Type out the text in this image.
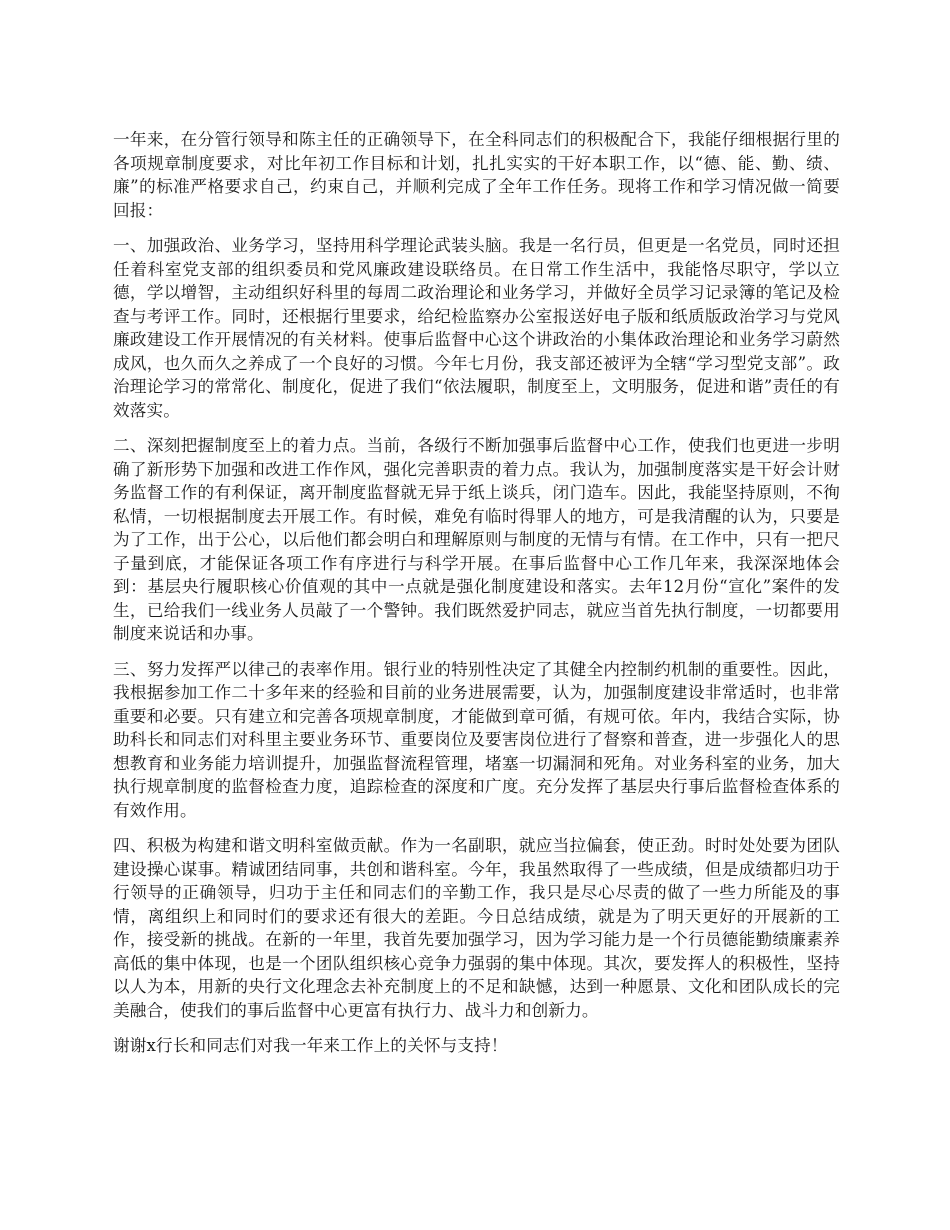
一年来，在分管行领导和陈主任的正确领导下，在全科同志们的积极配合下，我能仔细根据行里的各项规章制度要求，对比年初工作目标和计划，扎扎实实的干好本职工作，以“德、能、勤、绩、廉”的标准严格要求自己，约束自己，并顺利完成了全年工作任务。现将工作和学习情况做一简要回报：

一、加强政治、业务学习，坚持用科学理论武装头脑。我是一名行员，但更是一名党员，同时还担任着科室党支部的组织委员和党风廉政建设联络员。在日常工作生活中，我能恪尽职守，学以立德，学以增智，主动组织好科里的每周二政治理论和业务学习，并做好全员学习记录簿的笔记及检查与考评工作。同时，还根据行里要求，给纪检监察办公室报送好电子版和纸质版政治学习与党风廉政建设工作开展情况的有关材料。使事后监督中心这个讲政治的小集体政治理论和业务学习蔚然成风，也久而久之养成了一个良好的习惯。今年七月份，我支部还被评为全辖“学习型党支部”。政治理论学习的常常化、制度化，促进了我们“依法履职，制度至上，文明服务，促进和谐”责任的有效落实。

二、深刻把握制度至上的着力点。当前，各级行不断加强事后监督中心工作，使我们也更进一步明确了新形势下加强和改进工作作风，强化完善职责的着力点。我认为，加强制度落实是干好会计财务监督工作的有利保证，离开制度监督就无异于纸上谈兵，闭门造车。因此，我能坚持原则，不徇私情，一切根据制度去开展工作。有时候，难免有临时得罪人的地方，可是我清醒的认为，只要是为了工作，出于公心，以后他们都会明白和理解原则与制度的无情与有情。在工作中，只有一把尺子量到底，才能保证各项工作有序进行与科学开展。在事后监督中心工作几年来，我深深地体会到：基层央行履职核心价值观的其中一点就是强化制度建设和落实。去年12月份“宣化”案件的发生，已给我们一线业务人员敲了一个警钟。我们既然爱护同志，就应当首先执行制度，一切都要用制度来说话和办事。

三、努力发挥严以律己的表率作用。银行业的特别性决定了其健全内控制约机制的重要性。因此，我根据参加工作二十多年来的经验和目前的业务进展需要，认为，加强制度建设非常适时，也非常重要和必要。只有建立和完善各项规章制度，才能做到章可循，有规可依。年内，我结合实际，协助科长和同志们对科里主要业务环节、重要岗位及要害岗位进行了督察和普查，进一步强化人的思想教育和业务能力培训提升，加强监督流程管理，堵塞一切漏洞和死角。对业务科室的业务，加大执行规章制度的监督检查力度，追踪检查的深度和广度。充分发挥了基层央行事后监督检查体系的有效作用。

四、积极为构建和谐文明科室做贡献。作为一名副职，就应当拉偏套，使正劲。时时处处要为团队建设操心谋事。精诚团结同事，共创和谐科室。今年，我虽然取得了一些成绩，但是成绩都归功于行领导的正确领导，归功于主任和同志们的辛勤工作，我只是尽心尽责的做了一些力所能及的事情，离组织上和同时们的要求还有很大的差距。今日总结成绩，就是为了明天更好的开展新的工作，接受新的挑战。在新的一年里，我首先要加强学习，因为学习能力是一个行员德能勤绩廉素养高低的集中体现，也是一个团队组织核心竞争力强弱的集中体现。其次，要发挥人的积极性，坚持以人为本，用新的央行文化理念去补充制度上的不足和缺憾，达到一种愿景、文化和团队成长的完美融合，使我们的事后监督中心更富有执行力、战斗力和创新力。

谢谢x行长和同志们对我一年来工作上的关怀与支持！
